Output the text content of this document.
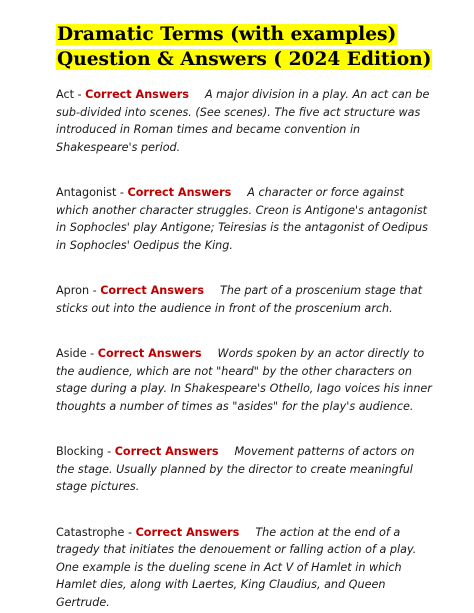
Dramatic Terms (with examples) Question & Answers ( 2024 Edition)

Act - Correct Answers A major division in a play. An act can be sub-divided into scenes. (See scenes). The five act structure was introduced in Roman times and became convention in Shakespeare's period.

Antagonist - Correct Answers A character or force against which another character struggles. Creon is Antigone's antagonist in Sophocles' play Antigone; Teiresias is the antagonist of Oedipus in Sophocles' Oedipus the King.

Apron - Correct Answers The part of a proscenium stage that sticks out into the audience in front of the proscenium arch.

Aside - Correct Answers Words spoken by an actor directly to the audience, which are not "heard" by the other characters on stage during a play. In Shakespeare's Othello, Iago voices his inner thoughts a number of times as "asides" for the play's audience.

Blocking - Correct Answers Movement patterns of actors on the stage. Usually planned by the director to create meaningful stage pictures.

Catastrophe - Correct Answers The action at the end of a tragedy that initiates the denouement or falling action of a play. One example is the dueling scene in Act V of Hamlet in which Hamlet dies, along with Laertes, King Claudius, and Queen Gertrude.
